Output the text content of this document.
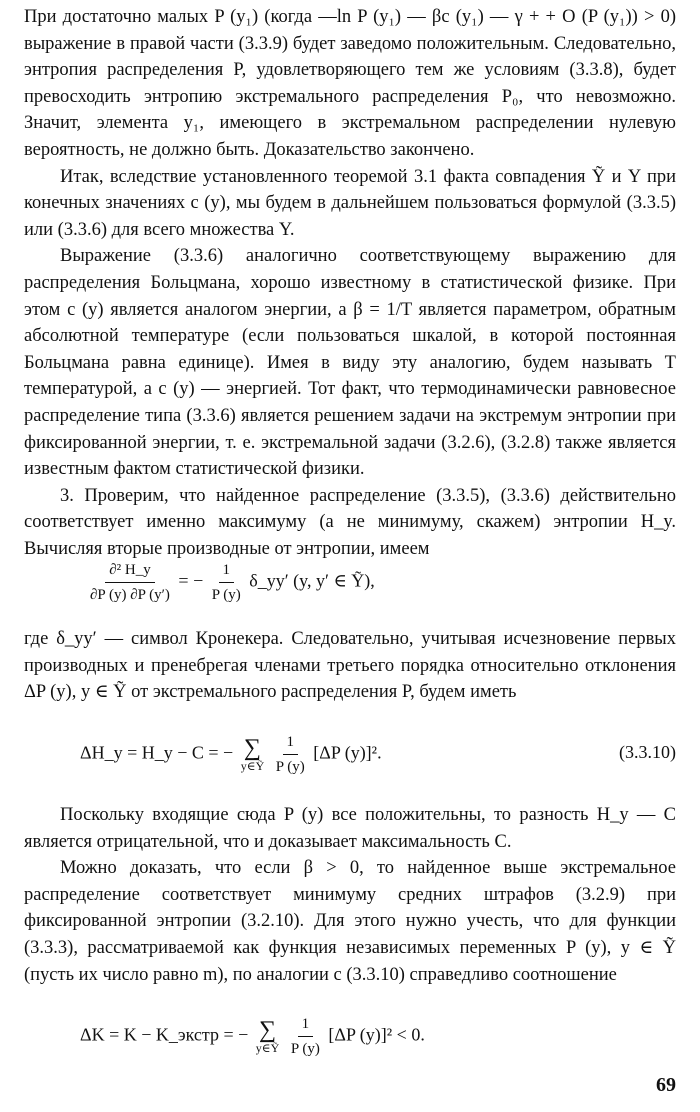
При достаточно малых P (y₁) (когда —ln P (y₁) — βc (y₁) — γ + + O (P (y₁)) > 0) выражение в правой части (3.3.9) будет заведомо положительным. Следовательно, энтропия распределения P, удовлетворяющего тем же условиям (3.3.8), будет превосходить энтропию экстремального распределения P₀, что невозможно. Значит, элемента y₁, имеющего в экстремальном распределении нулевую вероятность, не должно быть. Доказательство закончено.

Итак, вследствие установленного теоремой 3.1 факта совпадения Ỹ и Y при конечных значениях c (y), мы будем в дальнейшем пользоваться формулой (3.3.5) или (3.3.6) для всего множества Y.

Выражение (3.3.6) аналогично соответствующему выражению для распределения Больцмана, хорошо известному в статистической физике. При этом c (y) является аналогом энергии, а β = 1/T является параметром, обратным абсолютной температуре (если пользоваться шкалой, в которой постоянная Больцмана равна единице). Имея в виду эту аналогию, будем называть T температурой, а c (y) — энергией. Тот факт, что термодинамически равновесное распределение типа (3.3.6) является решением задачи на экстремум энтропии при фиксированной энергии, т. е. экстремальной задачи (3.2.6), (3.2.8) также является известным фактом статистической физики.

3. Проверим, что найденное распределение (3.3.5), (3.3.6) действительно соответствует именно максимуму (а не минимуму, скажем) энтропии H_y. Вычисляя вторые производные от энтропии, имеем

$\frac{\text{∂² H\_y}}{\partial P (y) \partial P (y')}$ = − $\frac{1}{P (y)}$ δ_yy′ (y, y′ ∈ Ỹ),

где δ_yy′ — символ Кронекера. Следовательно, учитывая исчезновение первых производных и пренебрегая членами третьего порядка относительно отклонения ΔP (y), y ∈ Ỹ от экстремального распределения P, будем иметь

ΔH_y = H_y − C = − ∑
y∈Ỹ
$\frac{1}{P (y)} [\Delta P$ (y)]².	(3.3.10)

Поскольку входящие сюда P (y) все положительны, то разность H_y — C является отрицательной, что и доказывает максимальность C.

Можно доказать, что если β > 0, то найденное выше экстремальное распределение соответствует минимуму средних штрафов (3.2.9) при фиксированной энтропии (3.2.10). Для этого нужно учесть, что для функции (3.3.3), рассматриваемой как функция независимых переменных P (y), y ∈ Ỹ (пусть их число равно m), по аналогии с (3.3.10) справедливо соотношение

ΔK = K − K_экстр = − ∑
y∈Ỹ
$\frac{1}{P (y)} [\Delta P$ (y)]² < 0.
69
